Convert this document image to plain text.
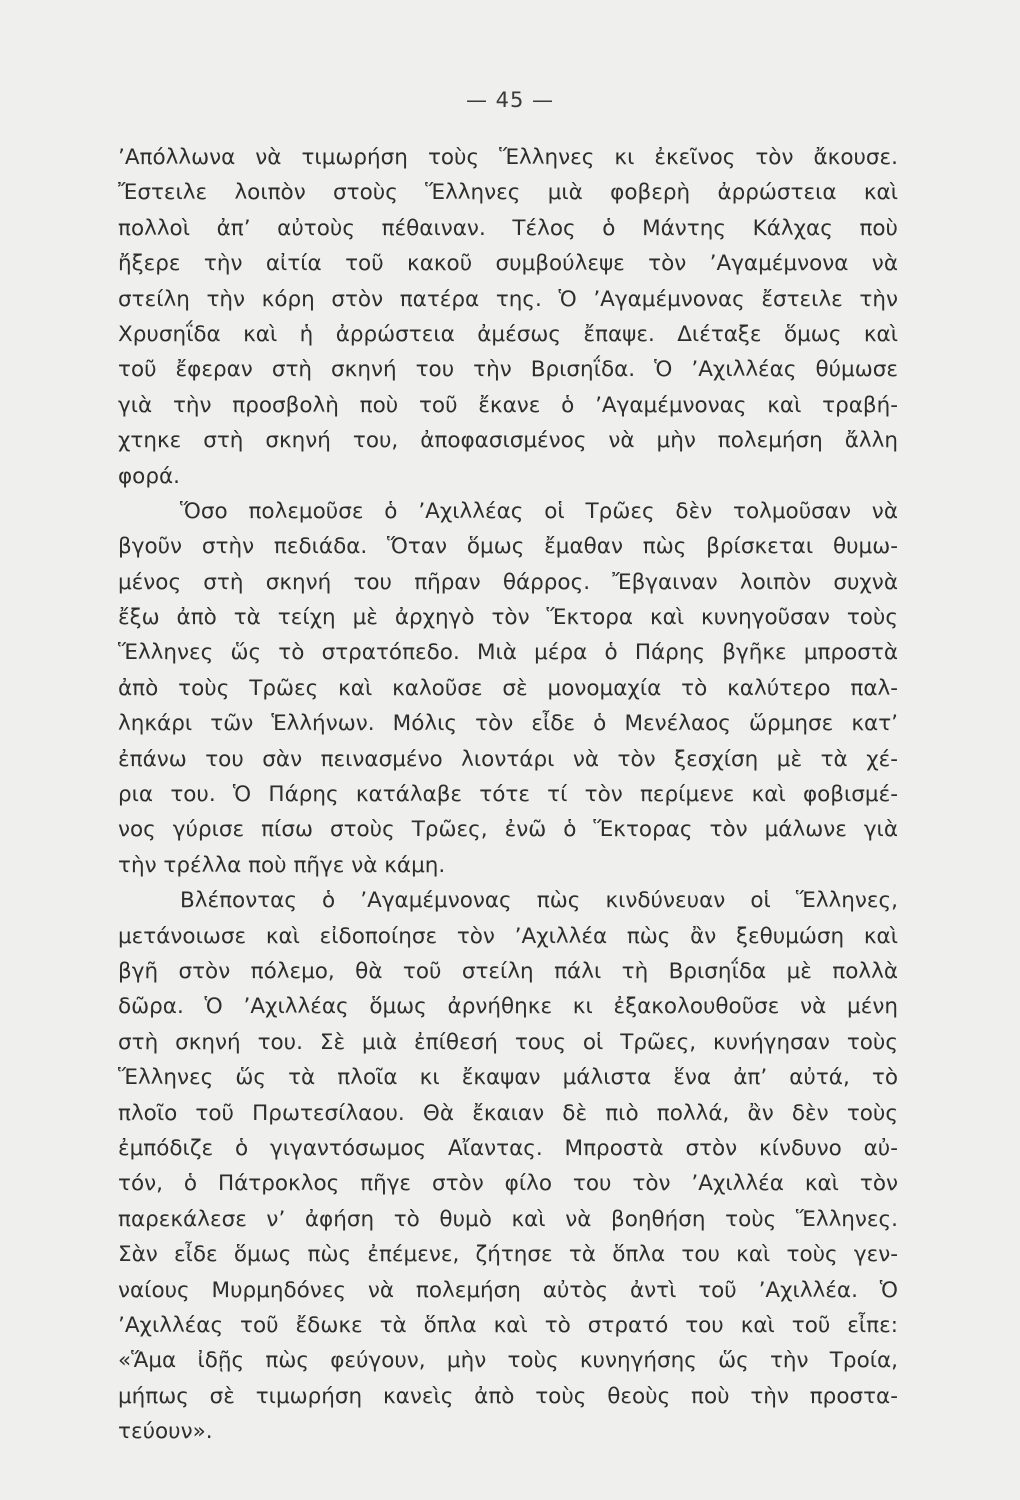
— 45 —
’Απόλλωνα νὰ τιμωρήση τοὺς Ἕλληνες κι ἐκεῖνος τὸν ἄκουσε.
Ἔστειλε λοιπὸν στοὺς Ἕλληνες μιὰ φοβερὴ ἀρρώστεια καὶ
πολλοὶ ἀπ’ αὐτοὺς πέθαιναν. Τέλος ὁ Μάντης Κάλχας ποὺ
ἤξερε τὴν αἰτία τοῦ κακοῦ συμβούλεψε τὸν ’Αγαμέμνονα νὰ
στείλη τὴν κόρη στὸν πατέρα της. Ὁ ’Αγαμέμνονας ἔστειλε τὴν
Χρυσηΐδα καὶ ἡ ἀρρώστεια ἀμέσως ἔπαψε. Διέταξε ὅμως καὶ
τοῦ ἔφεραν στὴ σκηνή του τὴν Βρισηΐδα. Ὁ ’Αχιλλέας θύμωσε
γιὰ τὴν προσβολὴ ποὺ τοῦ ἔκανε ὁ ’Αγαμέμνονας καὶ τραβή-
χτηκε στὴ σκηνή του, ἀποφασισμένος νὰ μὴν πολεμήση ἄλλη
φορά.
Ὅσο πολεμοῦσε ὁ ’Αχιλλέας οἱ Τρῶες δὲν τολμοῦσαν νὰ
βγοῦν στὴν πεδιάδα. Ὅταν ὅμως ἔμαθαν πὼς βρίσκεται θυμω-
μένος στὴ σκηνή του πῆραν θάρρος. Ἔβγαιναν λοιπὸν συχνὰ
ἔξω ἀπὸ τὰ τείχη μὲ ἀρχηγὸ τὸν Ἕκτορα καὶ κυνηγοῦσαν τοὺς
Ἕλληνες ὥς τὸ στρατόπεδο. Μιὰ μέρα ὁ Πάρης βγῆκε μπροστὰ
ἀπὸ τοὺς Τρῶες καὶ καλοῦσε σὲ μονομαχία τὸ καλύτερο παλ-
ληκάρι τῶν Ἑλλήνων. Μόλις τὸν εἶδε ὁ Μενέλαος ὥρμησε κατ’
ἐπάνω του σὰν πεινασμένο λιοντάρι νὰ τὸν ξεσχίση μὲ τὰ χέ-
ρια του. Ὁ Πάρης κατάλαβε τότε τί τὸν περίμενε καὶ φοβισμέ-
νος γύρισε πίσω στοὺς Τρῶες, ἐνῶ ὁ Ἕκτορας τὸν μάλωνε γιὰ
τὴν τρέλλα ποὺ πῆγε νὰ κάμη.
Βλέποντας ὁ ’Αγαμέμνονας πὼς κινδύνευαν οἱ Ἕλληνες,
μετάνοιωσε καὶ εἰδοποίησε τὸν ’Αχιλλέα πὼς ἂν ξεθυμώση καὶ
βγῆ στὸν πόλεμο, θὰ τοῦ στείλη πάλι τὴ Βρισηΐδα μὲ πολλὰ
δῶρα. Ὁ ’Αχιλλέας ὅμως ἀρνήθηκε κι ἐξακολουθοῦσε νὰ μένη
στὴ σκηνή του. Σὲ μιὰ ἐπίθεσή τους οἱ Τρῶες, κυνήγησαν τοὺς
Ἕλληνες ὥς τὰ πλοῖα κι ἔκαψαν μάλιστα ἕνα ἀπ’ αὐτά, τὸ
πλοῖο τοῦ Πρωτεσίλαου. Θὰ ἔκαιαν δὲ πιὸ πολλά, ἂν δὲν τοὺς
ἐμπόδιζε ὁ γιγαντόσωμος Αἴαντας. Μπροστὰ στὸν κίνδυνο αὐ-
τόν, ὁ Πάτροκλος πῆγε στὸν φίλο του τὸν ’Αχιλλέα καὶ τὸν
παρεκάλεσε ν’ ἀφήση τὸ θυμὸ καὶ νὰ βοηθήση τοὺς Ἕλληνες.
Σὰν εἶδε ὅμως πὼς ἐπέμενε, ζήτησε τὰ ὅπλα του καὶ τοὺς γεν-
ναίους Μυρμηδόνες νὰ πολεμήση αὐτὸς ἀντὶ τοῦ ’Αχιλλέα. Ὁ
’Αχιλλέας τοῦ ἔδωκε τὰ ὅπλα καὶ τὸ στρατό του καὶ τοῦ εἶπε:
«Ἅμα ἰδῇς πὼς φεύγουν, μὴν τοὺς κυνηγήσης ὥς τὴν Τροία,
μήπως σὲ τιμωρήση κανεὶς ἀπὸ τοὺς θεοὺς ποὺ τὴν προστα-
τεύουν».
